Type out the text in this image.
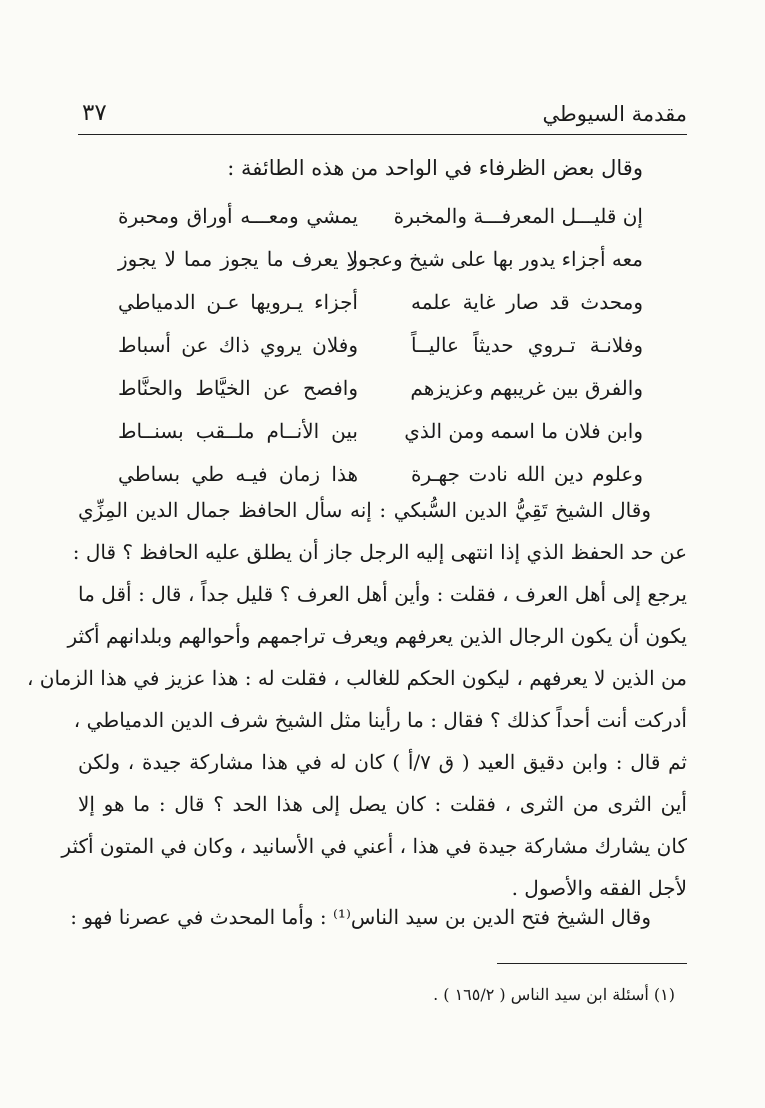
مقدمة السيوطي
٣٧
وقال بعض الظرفاء في الواحد من هذه الطائفة :
إن قليـــل المعرفـــة والمخبرة
يمشي ومعـــه أوراق ومحبرة
معه أجزاء يدور بها على شيخ وعجوز
لا يعرف ما يجوز مما لا يجوز
ومحدث قد صار غاية علمه
أجزاء يـرويها عـن الدمياطي
وفلانـة تـروي حديثاً عاليــاً
وفلان يروي ذاك عن أسباط
والفرق بين غريبهم وعزيزهم
وافصح عن الخيَّاط والحنَّاط
وابن فلان ما اسمه ومن الذي
بين الأنــام ملــقب بسنــاط
وعلوم دين الله نادت جهـرة
هذا زمان فيـه طي بساطي
وقال الشيخ تَقِيُّ الدين السُّبكي : إنه سأل الحافظ جمال الدين المِزِّي
عن حد الحفظ الذي إذا انتهى إليه الرجل جاز أن يطلق عليه الحافظ ؟ قال :
يرجع إلى أهل العرف ، فقلت : وأين أهل العرف ؟ قليل جداً ، قال : أقل ما
يكون أن يكون الرجال الذين يعرفهم ويعرف تراجمهم وأحوالهم وبلدانهم أكثر
من الذين لا يعرفهم ، ليكون الحكم للغالب ، فقلت له : هذا عزيز في هذا الزمان ،
أدركت أنت أحداً كذلك ؟ فقال : ما رأينا مثل الشيخ شرف الدين الدمياطي ،
ثم قال : وابن دقيق العيد ( ق ٧/أ ) كان له في هذا مشاركة جيدة ، ولكن
أين الثرى من الثرى ، فقلت : كان يصل إلى هذا الحد ؟ قال : ما هو إلا
كان يشارك مشاركة جيدة في هذا ، أعني في الأسانيد ، وكان في المتون أكثر
لأجل الفقه والأصول .
وقال الشيخ فتح الدين بن سيد الناس⁽¹⁾ : وأما المحدث في عصرنا فهو :
(١) أسئلة ابن سيد الناس ( ١٦٥/٢ ) .
